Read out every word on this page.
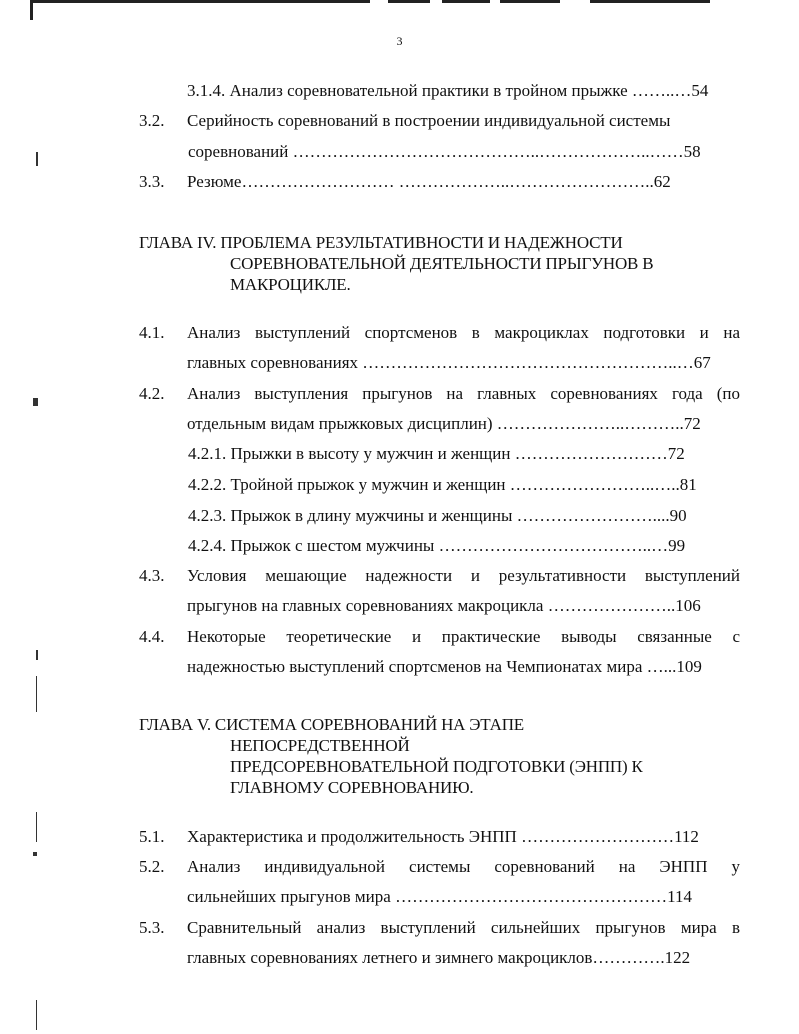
3
3.1.4. Анализ соревновательной практики в тройном прыжке ……..…54
3.2. Серийность соревнований в построении индивидуальной системы
соревнований ……………………………………..………………..……58
3.3. Резюме……………………… ………………..……………………..62
ГЛАВА IV. ПРОБЛЕМА РЕЗУЛЬТАТИВНОСТИ И НАДЕЖНОСТИ
СОРЕВНОВАТЕЛЬНОЙ ДЕЯТЕЛЬНОСТИ ПРЫГУНОВ В
МАКРОЦИКЛЕ.
4.1. Анализ выступлений спортсменов в макроциклах подготовки и на
главных соревнованиях ………………………………………………..…67
4.2. Анализ выступления прыгунов на главных соревнованиях года (по
отдельным видам прыжковых дисциплин) …………………..………..72
4.2.1. Прыжки в высоту у мужчин и женщин ………………………72
4.2.2. Тройной прыжок у мужчин и женщин ……………………..…..81
4.2.3. Прыжок в длину мужчины и женщины ……………………....90
4.2.4. Прыжок с шестом мужчины ………………………………..…99
4.3. Условия мешающие надежности и результативности выступлений
прыгунов на главных соревнованиях макроцикла …………………..106
4.4. Некоторые теоретические и практические выводы связанные с
надежностью выступлений спортсменов на Чемпионатах мира …...109
ГЛАВА V. СИСТЕМА СОРЕВНОВАНИЙ НА ЭТАПЕ
НЕПОСРЕДСТВЕННОЙ
ПРЕДСОРЕВНОВАТЕЛЬНОЙ ПОДГОТОВКИ (ЭНПП) К
ГЛАВНОМУ СОРЕВНОВАНИЮ.
5.1. Характеристика и продолжительность ЭНПП ………………………112
5.2. Анализ индивидуальной системы соревнований на ЭНПП у
сильнейших прыгунов мира …………………………………………114
5.3. Сравнительный анализ выступлений сильнейших прыгунов мира в
главных соревнованиях летнего и зимнего макроциклов………….122
